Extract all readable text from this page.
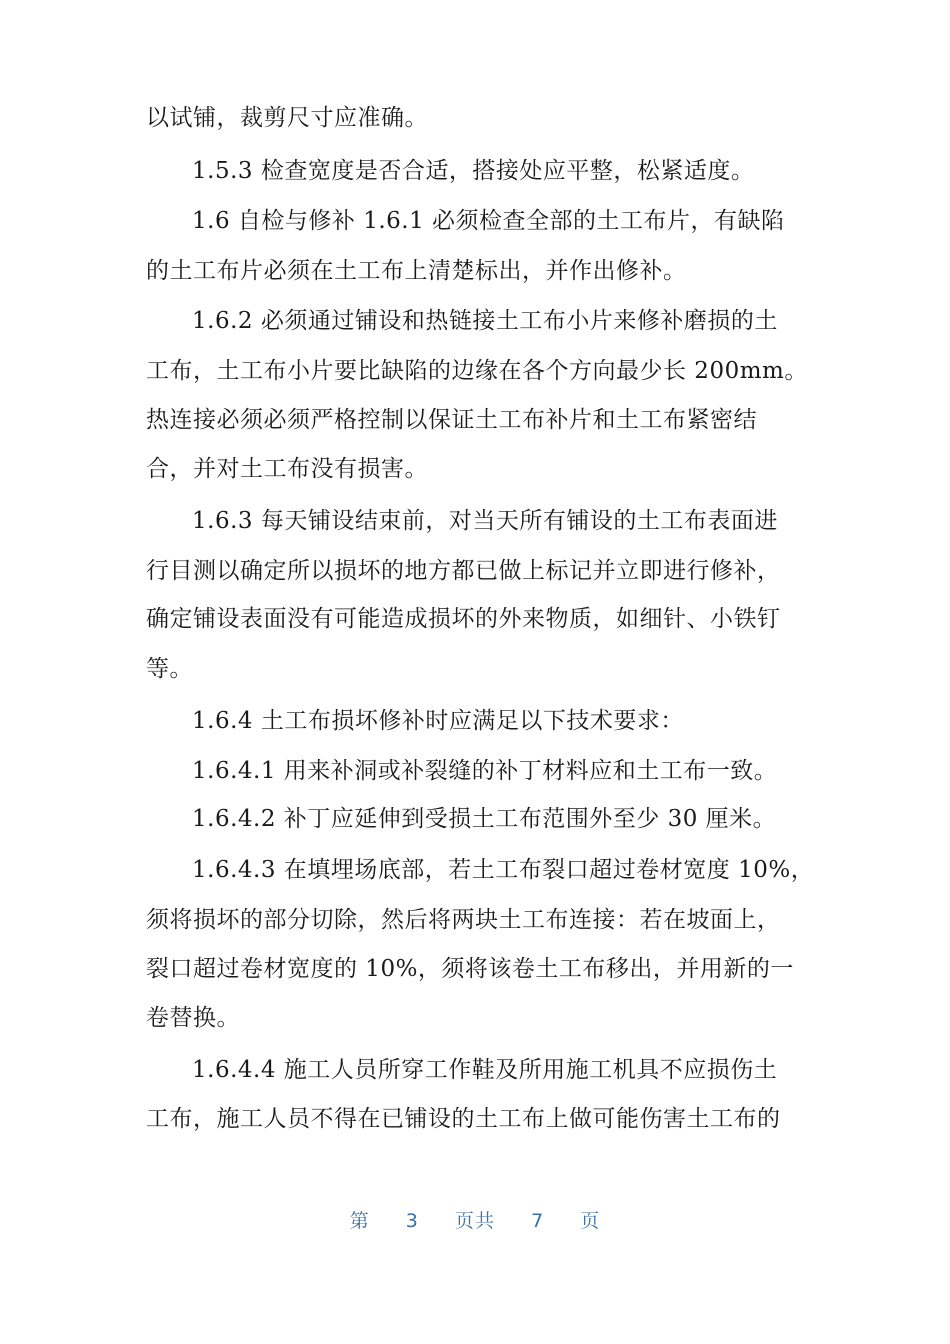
以试铺，裁剪尺寸应准确。
1.5.3 检查宽度是否合适，搭接处应平整，松紧适度。
1.6 自检与修补 1.6.1 必须检查全部的土工布片，有缺陷
的土工布片必须在土工布上清楚标出，并作出修补。
1.6.2 必须通过铺设和热链接土工布小片来修补磨损的土
工布，土工布小片要比缺陷的边缘在各个方向最少长 200mm。
热连接必须必须严格控制以保证土工布补片和土工布紧密结
合，并对土工布没有损害。
1.6.3 每天铺设结束前，对当天所有铺设的土工布表面进
行目测以确定所以损坏的地方都已做上标记并立即进行修补，
确定铺设表面没有可能造成损坏的外来物质，如细针、小铁钉
等。
1.6.4 土工布损坏修补时应满足以下技术要求：
1.6.4.1 用来补洞或补裂缝的补丁材料应和土工布一致。
1.6.4.2 补丁应延伸到受损土工布范围外至少 30 厘米。
1.6.4.3 在填埋场底部，若土工布裂口超过卷材宽度 10%，
须将损坏的部分切除，然后将两块土工布连接：若在坡面上，
裂口超过卷材宽度的 10%，须将该卷土工布移出，并用新的一
卷替换。
1.6.4.4 施工人员所穿工作鞋及所用施工机具不应损伤土
工布，施工人员不得在已铺设的土工布上做可能伤害土工布的
第 3 页共 7 页
